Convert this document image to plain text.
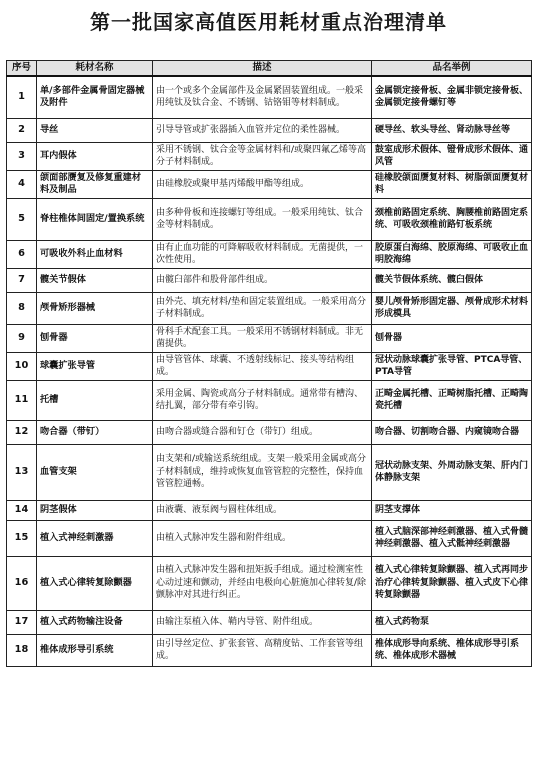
第一批国家高值医用耗材重点治理清单
序号	耗材名称	描述	品名举例
1	单/多部件金属骨固定器械及附件	由一个或多个金属部件及金属紧固装置组成。一般采用纯钛及钛合金、不锈钢、钴铬钼等材料制成。	金属锁定接骨板、金属非锁定接骨板、金属锁定接骨螺钉等
2	导丝	引导导管或扩张器插入血管并定位的柔性器械。	硬导丝、软头导丝、肾动脉导丝等
3	耳内假体	采用不锈钢、钛合金等金属材料和/或聚四氟乙烯等高分子材料制成。	鼓室成形术假体、镫骨成形术假体、通风管
4	颌面部赝复及修复重建材料及制品	由硅橡胶或聚甲基丙烯酸甲酯等组成。	硅橡胶颌面赝复材料、树脂颌面赝复材料
5	脊柱椎体间固定/置换系统	由多种骨板和连接螺钉等组成。一般采用纯钛、钛合金等材料制成。	颈椎前路固定系统、胸腰椎前路固定系统、可吸收颈椎前路钉板系统
6	可吸收外科止血材料	由有止血功能的可降解吸收材料制成。无菌提供，一次性使用。	胶原蛋白海绵、胶原海绵、可吸收止血明胶海绵
7	髋关节假体	由髋臼部件和股骨部件组成。	髋关节假体系统、髋臼假体
8	颅骨矫形器械	由外壳、填充材料/垫和固定装置组成。一般采用高分子材料制成。	婴儿颅骨矫形固定器、颅骨成形术材料形成模具
9	刨骨器	骨科手术配套工具。一般采用不锈钢材料制成。非无菌提供。	刨骨器
10	球囊扩张导管	由导管管体、球囊、不透射线标记、接头等结构组成。	冠状动脉球囊扩张导管、PTCA导管、PTA导管
11	托槽	采用金属、陶瓷或高分子材料制成。通常带有槽沟、结扎翼，部分带有牵引钩。	正畸金属托槽、正畸树脂托槽、正畸陶瓷托槽
12	吻合器（带钉）	由吻合器或缝合器和钉仓（带钉）组成。	吻合器、切割吻合器、内窥镜吻合器
13	血管支架	由支架和/或输送系统组成。支架一般采用金属或高分子材料制成，维持或恢复血管管腔的完整性，保持血管管腔通畅。	冠状动脉支架、外周动脉支架、肝内门体静脉支架
14	阴茎假体	由液囊、液泵阀与圆柱体组成。	阴茎支撑体
15	植入式神经刺激器	由植入式脉冲发生器和附件组成。	植入式脑深部神经刺激器、植入式骨髓神经刺激器、植入式骶神经刺激器
16	植入式心律转复除颤器	由植入式脉冲发生器和扭矩扳手组成。通过检测室性心动过速和颤动，并经由电极向心脏施加心律转复/除颤脉冲对其进行纠正。	植入式心律转复除颤器、植入式再同步治疗心律转复除颤器、植入式皮下心律转复除颤器
17	植入式药物输注设备	由输注泵植入体、鞘内导管、附件组成。	植入式药物泵
18	椎体成形导引系统	由引导丝定位、扩张套管、高精度钻、工作套管等组成。	椎体成形导向系统、椎体成形导引系统、椎体成形术器械
